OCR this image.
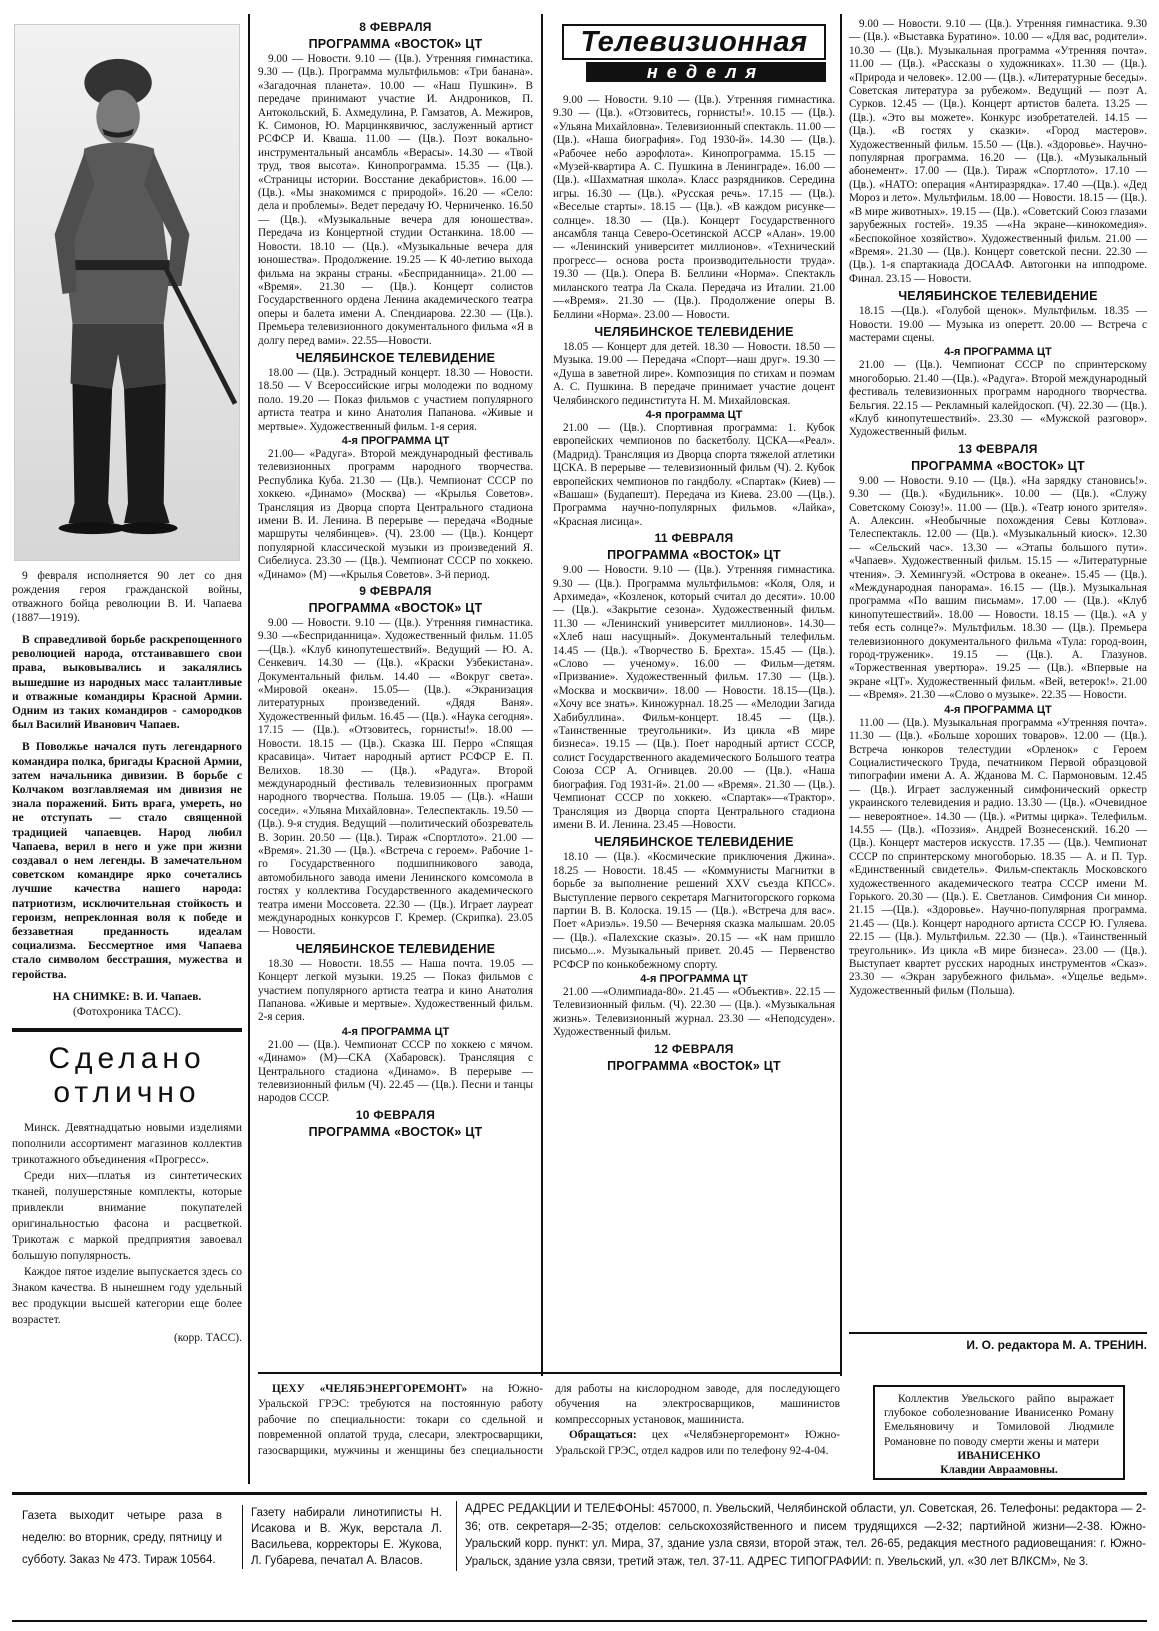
9 февраля исполняется 90 лет со дня рождения героя гражданской войны, отважного бойца революции В. И. Чапаева (1887—1919).

В справедливой борьбе раскрепощенного революцией народа, отстаивавшего свои права, выковывались и закалялись вышедшие из народных масс талантливые и отважные командиры Красной Армии. Одним из таких командиров - самородков был Василий Иванович Чапаев.

В Поволжье начался путь легендарного командира полка, бригады Красной Армии, затем начальника дивизии. В борьбе с Колчаком возглавляемая им дивизия не знала поражений. Бить врага, умереть, но не отступать — стало священной традицией чапаевцев. Народ любил Чапаева, верил в него и уже при жизни создавал о нем легенды. В замечательном советском командире ярко сочетались лучшие качества нашего народа: патриотизм, исключительная стойкость и героизм, непреклонная воля к победе и беззаветная преданность идеалам социализма. Бессмертное имя Чапаева стало символом бесстрашия, мужества и геройства.

НА СНИМКЕ: В. И. Чапаев.
(Фотохроника ТАСС).
Сделано
отлично

Минск. Девятнадцатью новыми изделиями пополнили ассортимент магазинов коллектив трикотажного объединения «Прогресс».

Среди них—платья из синтетических тканей, полушерстяные комплекты, которые привлекли внимание покупателей оригинальностью фасона и расцветкой. Трикотаж с маркой предприятия завоевал большую популярность.

Каждое пятое изделие выпускается здесь со Знаком качества. В нынешнем году удельный вес продукции высшей категории еще более возрастет.

(корр. ТАСС).
8 ФЕВРАЛЯ
ПРОГРАММА «ВОСТОК» ЦТ

9.00 — Новости. 9.10 — (Цв.). Утренняя гимнастика. 9.30 — (Цв.). Программа мультфильмов: «Три банана». «Загадочная планета». 10.00 — «Наш Пушкин». В передаче принимают участие И. Андроников, П. Антокольский, Б. Ахмедулина, Р. Гамзатов, А. Межиров, К. Симонов, Ю. Марцинкявичюс, заслуженный артист РСФСР И. Кваша. 11.00 — (Цв.). Поэт вокально-инструментальный ансамбль «Верасы». 14.30 — «Твой труд, твоя высота». Кинопрограмма. 15.35 — (Цв.). «Страницы истории. Восстание декабристов». 16.00 — (Цв.). «Мы знакомимся с природой». 16.20 — «Село: дела и проблемы». Ведет передачу Ю. Черниченко. 16.50 — (Цв.). «Музыкальные вечера для юношества». Передача из Концертной студии Останкина. 18.00 — Новости. 18.10 — (Цв.). «Музыкальные вечера для юношества». Продолжение. 19.25 — К 40-летию выхода фильма на экраны страны. «Бесприданница». 21.00 — «Время». 21.30 — (Цв.). Концерт солистов Государственного ордена Ленина академического театра оперы и балета имени А. Спендиарова. 22.30 — (Цв.). Премьера телевизионного документального фильма «Я в долгу перед вами». 22.55—Новости.

ЧЕЛЯБИНСКОЕ ТЕЛЕВИДЕНИЕ

18.00 — (Цв.). Эстрадный концерт. 18.30 — Новости. 18.50 — V Всероссийские игры молодежи по водному поло. 19.20 — Показ фильмов с участием популярного артиста театра и кино Анатолия Папанова. «Живые и мертвые». Художественный фильм. 1-я серия.

4-я ПРОГРАММА ЦТ

21.00— «Радуга». Второй международный фестиваль телевизионных программ народного творчества. Республика Куба. 21.30 — (Цв.). Чемпионат СССР по хоккею. «Динамо» (Москва) — «Крылья Советов». Трансляция из Дворца спорта Центрального стадиона имени В. И. Ленина. В перерыве — передача «Водные маршруты челябинцев». (Ч). 23.00 — (Цв.). Концерт популярной классической музыки из произведений Я. Сибелиуса. 23.30 — (Цв.). Чемпионат СССР по хоккею. «Динамо» (М) —«Крылья Советов». 3-й период.

9 ФЕВРАЛЯ
ПРОГРАММА «ВОСТОК» ЦТ

9.00 — Новости. 9.10 — (Цв.). Утренняя гимнастика. 9.30 —«Бесприданница». Художественный фильм. 11.05—(Цв.). «Клуб кинопутешествий». Ведущий — Ю. А. Сенкевич. 14.30 — (Цв.). «Краски Узбекистана». Документальный фильм. 14.40 — «Вокруг света». «Мировой океан». 15.05— (Цв.). «Экранизация литературных произведений. «Дядя Ваня». Художественный фильм. 16.45 — (Цв.). «Наука сегодня». 17.15 — (Цв.). «Отзовитесь, горнисты!». 18.00 — Новости. 18.15 — (Цв.). Сказка Ш. Перро «Спящая красавица». Читает народный артист РСФСР Е. П. Велихов. 18.30 — (Цв.). «Радуга». Второй международный фестиваль телевизионных программ народного творчества. Польша. 19.05 — (Цв.). «Наши соседи». «Ульяна Михайловна». Телеспектакль. 19.50 — (Цв.). 9-я студия. Ведущий —политический обозреватель В. Зорин. 20.50 — (Цв.). Тираж «Спортлото». 21.00 — «Время». 21.30 — (Цв.). «Встреча с героем». Рабочие 1-го Государственного подшипникового завода, автомобильного завода имени Ленинского комсомола в гостях у коллектива Государственного академического театра имени Моссовета. 22.30 — (Цв.). Играет лауреат международных конкурсов Г. Кремер. (Скрипка). 23.05 — Новости.

ЧЕЛЯБИНСКОЕ ТЕЛЕВИДЕНИЕ

18.30 — Новости. 18.55 — Наша почта. 19.05 — Концерт легкой музыки. 19.25 — Показ фильмов с участием популярного артиста театра и кино Анатолия Папанова. «Живые и мертвые». Художественный фильм. 2-я серия.

4-я ПРОГРАММА ЦТ

21.00 — (Цв.). Чемпионат СССР по хоккею с мячом. «Динамо» (М)—СКА (Хабаровск). Трансляция с Центрального стадиона «Динамо». В перерыве — телевизионный фильм (Ч). 22.45 — (Цв.). Песни и танцы народов СССР.

10 ФЕВРАЛЯ
ПРОГРАММА «ВОСТОК» ЦТ
Телевизионная
неделя

9.00 — Новости. 9.10 — (Цв.). Утренняя гимнастика. 9.30 — (Цв.). «Отзовитесь, горнисты!». 10.15 — (Цв.). «Ульяна Михайловна». Телевизионный спектакль. 11.00 — (Цв.). «Наша биография». Год 1930-й». 14.30 — (Цв.). «Рабочее небо аэрофлота». Кинопрограмма. 15.15 — «Музей-квартира А. С. Пушкина в Ленинграде». 16.00 — (Цв.). «Шахматная школа». Класс разрядников. Середина игры. 16.30 — (Цв.). «Русская речь». 17.15 — (Цв.). «Веселые старты». 18.15 — (Цв.). «В каждом рисунке—солнце». 18.30 — (Цв.). Концерт Государственного ансамбля танца Северо-Осетинской АССР «Алан». 19.00 — «Ленинский университет миллионов». «Технический прогресс— основа роста производительности труда». 19.30 — (Цв.). Опера В. Беллини «Норма». Спектакль миланского театра Ла Скала. Передача из Италии. 21.00 —«Время». 21.30 — (Цв.). Продолжение оперы В. Беллини «Норма». 23.00 — Новости.

ЧЕЛЯБИНСКОЕ ТЕЛЕВИДЕНИЕ

18.05 — Концерт для детей. 18.30 — Новости. 18.50 — Музыка. 19.00 — Передача «Спорт—наш друг». 19.30 — «Душа в заветной лире». Композиция по стихам и поэмам А. С. Пушкина. В передаче принимает участие доцент Челябинского пединститута Н. М. Михайловская.

4-я программа ЦТ

21.00 — (Цв.). Спортивная программа: 1. Кубок европейских чемпионов по баскетболу. ЦСКА—«Реал». (Мадрид). Трансляция из Дворца спорта тяжелой атлетики ЦСКА. В перерыве — телевизионный фильм (Ч). 2. Кубок европейских чемпионов по гандболу. «Спартак» (Киев) — «Вашаш» (Будапешт). Передача из Киева. 23.00 —(Цв.). Программа научно-популярных фильмов. «Лайка», «Красная лисица».

11 ФЕВРАЛЯ
ПРОГРАММА «ВОСТОК» ЦТ

9.00 — Новости. 9.10 — (Цв.). Утренняя гимнастика. 9.30 — (Цв.). Программа мультфильмов: «Коля, Оля, и Архимеда», «Козленок, который считал до десяти». 10.00 — (Цв.). «Закрытие сезона». Художественный фильм. 11.30 — «Ленинский университет миллионов». 14.30— «Хлеб наш насущный». Документальный телефильм. 14.45 — (Цв.). «Творчество Б. Брехта». 15.45 — (Цв.). «Слово — ученому». 16.00 — Фильм—детям. «Призвание». Художественный фильм. 17.30 — (Цв.). «Москва и москвичи». 18.00 — Новости. 18.15—(Цв.). «Хочу все знать». Киножурнал. 18.25 — «Мелодии Загида Хабибуллина». Фильм-концерт. 18.45 — (Цв.). «Таинственные треугольники». Из цикла «В мире бизнеса». 19.15 — (Цв.). Поет народный артист СССР, солист Государственного академического Большого театра Союза ССР А. Огнивцев. 20.00 — (Цв.). «Наша биография. Год 1931-й». 21.00 — «Время». 21.30 — (Цв.). Чемпионат СССР по хоккею. «Спартак»—«Трактор». Трансляция из Дворца спорта Центрального стадиона имени В. И. Ленина. 23.45 —Новости.

ЧЕЛЯБИНСКОЕ ТЕЛЕВИДЕНИЕ

18.10 — (Цв.). «Космические приключения Джина». 18.25 — Новости. 18.45 — «Коммунисты Магнитки в борьбе за выполнение решений XXV съезда КПСС». Выступление первого секретаря Магнитогорского горкома партии В. В. Колоска. 19.15 — (Цв.). «Встреча для вас». Поет «Ариэль». 19.50 — Вечерняя сказка малышам. 20.05 — (Цв.). «Палехские сказы». 20.15 — «К нам пришло письмо...». Музыкальный привет. 20.45 — Первенство РСФСР по конькобежному спорту.

4-я ПРОГРАММА ЦТ

21.00 —«Олимпиада-80». 21.45 — «Объектив». 22.15 — Телевизионный фильм. (Ч). 22.30 — (Цв.). «Музыкальная жизнь». Телевизионный журнал. 23.30 — «Неподсуден». Художественный фильм.

12 ФЕВРАЛЯ
ПРОГРАММА «ВОСТОК» ЦТ

9.00 — Новости. 9.10 — (Цв.). Утренняя гимнастика. 9.30 — (Цв.). «Выставка Буратино». 10.00 — «Для вас, родители». 10.30 — (Цв.). Музыкальная программа «Утренняя почта». 11.00 — (Цв.). «Рассказы о художниках». 11.30 — (Цв.). «Природа и человек». 12.00 — (Цв.). «Литературные беседы». Советская литература за рубежом». Ведущий — поэт А. Сурков. 12.45 — (Цв.). Концерт артистов балета. 13.25 — (Цв.). «Это вы можете». Конкурс изобретателей. 14.15 — (Цв.). «В гостях у сказки». «Город мастеров». Художественный фильм. 15.50 — (Цв.). «Здоровье». Научно-популярная программа. 16.20 — (Цв.). «Музыкальный абонемент». 17.00 — (Цв.). Тираж «Спортлото». 17.10 — (Цв.). «НАТО: операция «Антиразрядка». 17.40 —(Цв.). «Дед Мороз и лето». Мультфильм. 18.00 — Новости. 18.15 — (Цв.). «В мире животных». 19.15 — (Цв.). «Советский Союз глазами зарубежных гостей». 19.35 —«На экране—кинокомедия». «Беспокойное хозяйство». Художественный фильм. 21.00 — «Время». 21.30 — (Цв.). Концерт советской песни. 22.30 — (Цв.). 1-я спартакиада ДОСААФ. Автогонки на ипподроме. Финал. 23.15 — Новости.

ЧЕЛЯБИНСКОЕ ТЕЛЕВИДЕНИЕ

18.15 —(Цв.). «Голубой щенок». Мультфильм. 18.35 — Новости. 19.00 — Музыка из оперетт. 20.00 — Встреча с мастерами сцены.

4-я ПРОГРАММА ЦТ

21.00 — (Цв.). Чемпионат СССР по спринтерскому многоборью. 21.40 —(Цв.). «Радуга». Второй международный фестиваль телевизионных программ народного творчества. Бельгия. 22.15 — Рекламный калейдоскоп. (Ч). 22.30 — (Цв.). «Клуб кинопутешествий». 23.30 — «Мужской разговор». Художественный фильм.

13 ФЕВРАЛЯ
ПРОГРАММА «ВОСТОК» ЦТ

9.00 — Новости. 9.10 — (Цв.). «На зарядку становись!». 9.30 — (Цв.). «Будильник». 10.00 — (Цв.). «Служу Советскому Союзу!». 11.00 — (Цв.). «Театр юного зрителя». А. Алексин. «Необычные похождения Севы Котлова». Телеспектакль. 12.00 — (Цв.). «Музыкальный киоск». 12.30 — «Сельский час». 13.30 — «Этапы большого пути». «Чапаев». Художественный фильм. 15.15 — «Литературные чтения». Э. Хемингуэй. «Острова в океане». 15.45 — (Цв.). «Международная панорама». 16.15 — (Цв.). Музыкальная программа «По вашим письмам». 17.00 — (Цв.). «Клуб кинопутешествий». 18.00 — Новости. 18.15 — (Цв.). «А у тебя есть солнце?». Мультфильм. 18.30 — (Цв.). Премьера телевизионного документального фильма «Тула: город-воин, город-труженик». 19.15 — (Цв.). А. Глазунов. «Торжественная увертюра». 19.25 — (Цв.). «Впервые на экране «ЦТ». Художественный фильм. «Вей, ветерок!». 21.00 — «Время». 21.30 —«Слово о музыке». 22.35 — Новости.

4-я ПРОГРАММА ЦТ

11.00 — (Цв.). Музыкальная программа «Утренняя почта». 11.30 — (Цв.). «Больше хороших товаров». 12.00 — (Цв.). Встреча юнкоров телестудии «Орленок» с Героем Социалистического Труда, печатником Первой образцовой типографии имени А. А. Жданова М. С. Пармоновым. 12.45 — (Цв.). Играет заслуженный симфонический оркестр украинского телевидения и радио. 13.30 — (Цв.). «Очевидное — невероятное». 14.30 — (Цв.). «Ритмы цирка». Телефильм. 14.55 — (Цв.). «Поэзия». Андрей Вознесенский. 16.20 — (Цв.). Концерт мастеров искусств. 17.35 — (Цв.). Чемпионат СССР по спринтерскому многоборью. 18.35 — А. и П. Тур. «Единственный свидетель». Фильм-спектакль Московского художественного академического театра СССР имени М. Горького. 20.30 — (Цв.). Е. Светланов. Симфония Си минор. 21.15 —(Цв.). «Здоровье». Научно-популярная программа. 21.45 — (Цв.). Концерт народного артиста СССР Ю. Гуляева. 22.15 — (Цв.). Мультфильм. 22.30 — (Цв.). «Таинственный треугольник». Из цикла «В мире бизнеса». 23.00 — (Цв.). Выступает квартет русских народных инструментов «Сказ». 23.30 — «Экран зарубежного фильма». «Ущелье ведьм». Художественный фильм (Польша).

И. О. редактора М. А. ТРЕНИН.

ЦЕХУ «ЧЕЛЯБЭНЕРГОРЕМОНТ» на Южно-Уральской ГРЭС: требуются на постоянную работу рабочие по специальности: токари со сдельной и повременной оплатой труда, слесари, электросварщики, газосварщики, мужчины и женщины без специальности для работы на кислородном заводе, для последующего обучения на электросварщиков, машинистов компрессорных установок, машиниста.

Обращаться: цех «Челябэнергоремонт» Южно-Уральской ГРЭС, отдел кадров или по телефону 92-4-04.

Коллектив Увельского райпо выражает глубокое соболезнование Иванисенко Роману Емельяновичу и Томиловой Людмиле Романовне по поводу смерти жены и матери

ИВАНИСЕНКО
Клавдии Авраамовны.
Газета выходит четыре раза в неделю: во вторник, среду, пятницу и субботу. Заказ № 473. Тираж 10564.
Газету набирали линотиписты Н. Исакова и В. Жук, верстала Л. Васильева, корректоры Е. Жукова, Л. Губарева, печатал А. Власов.
АДРЕС РЕДАКЦИИ И ТЕЛЕФОНЫ: 457000, п. Увельский, Челябинской области, ул. Советская, 26. Телефоны: редактора — 2-36; отв. секретаря—2-35; отделов: сельскохозяйственного и писем трудящихся —2-32; партийной жизни—2-38. Южно-Уральский корр. пункт: ул. Мира, 37, здание узла связи, второй этаж, тел. 26-65, редакция местного радиовещания: г. Южно-Уральск, здание узла связи, третий этаж, тел. 37-11. АДРЕС ТИПОГРАФИИ: п. Увельский, ул. «30 лет ВЛКСМ», № 3.
